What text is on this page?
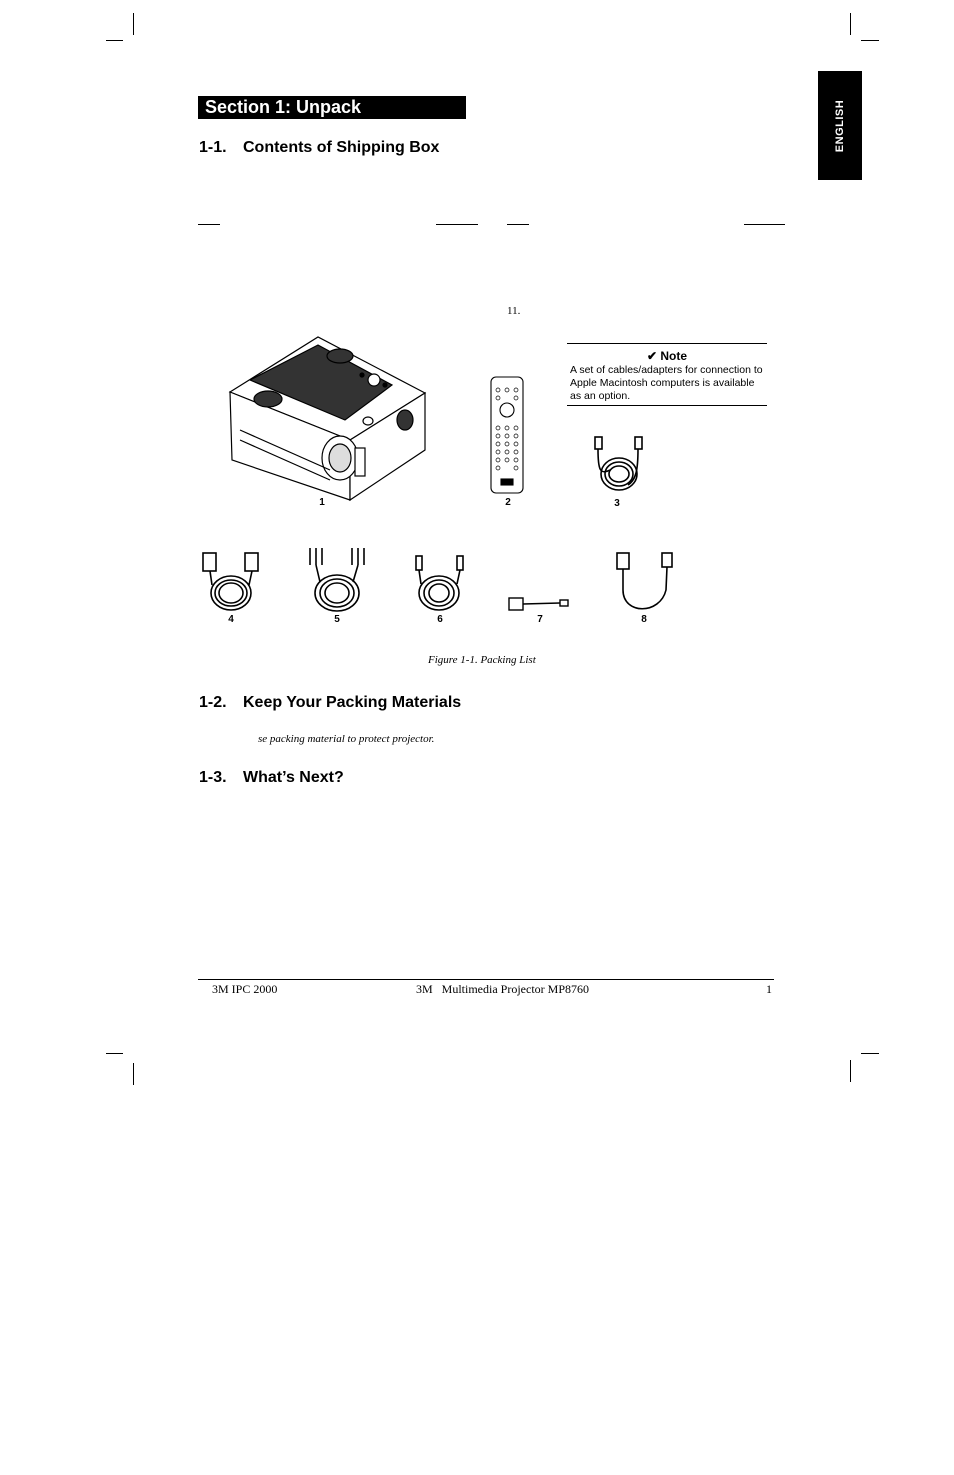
Section 1: Unpack	ENGLISH
1-1. Contents of Shipping Box
11.
✔ Note
A set of cables/adapters for connection to Apple Macintosh computers is available as an option.
1	2	3
4	5	6	7	8
Figure 1-1. Packing List
1-2. Keep Your Packing Materials
se packing material to protect projector.
1-3. What’s Next?
3M IPC 2000	3M   Multimedia Projector MP8760	1
